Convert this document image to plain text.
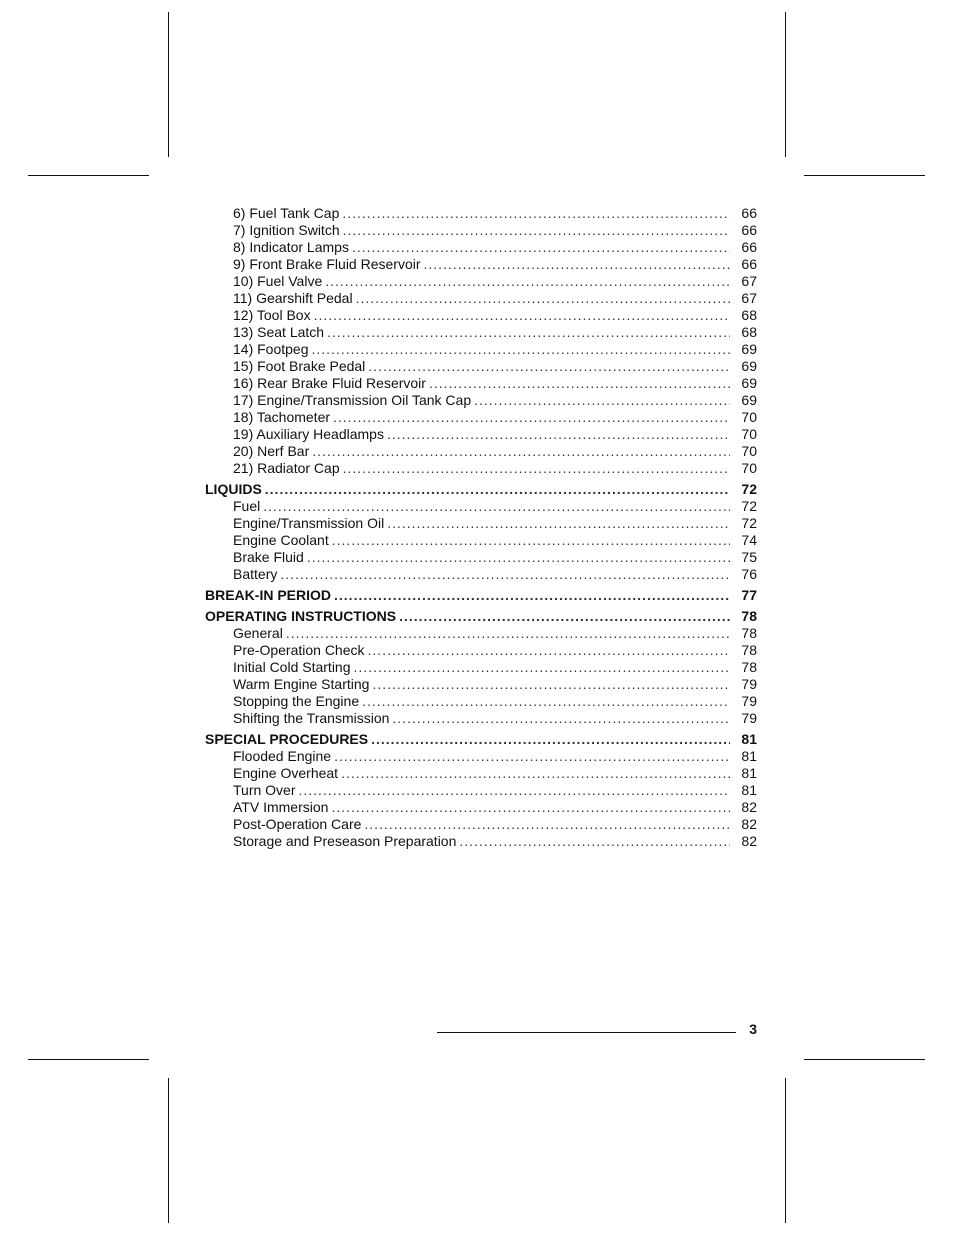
6) Fuel Tank Cap .....	66
7) Ignition Switch .....	66
8) Indicator Lamps .....	66
9) Front Brake Fluid Reservoir .....	66
10) Fuel Valve .....	67
11) Gearshift Pedal .....	67
12) Tool Box .....	68
13) Seat Latch .....	68
14) Footpeg .....	69
15) Foot Brake Pedal .....	69
16) Rear Brake Fluid Reservoir .....	69
17) Engine/Transmission Oil Tank Cap .....	69
18) Tachometer .....	70
19) Auxiliary Headlamps .....	70
20) Nerf Bar .....	70
21) Radiator Cap .....	70
LIQUIDS .....	72
Fuel .....	72
Engine/Transmission Oil .....	72
Engine Coolant .....	74
Brake Fluid .....	75
Battery .....	76
BREAK-IN PERIOD .....	77
OPERATING INSTRUCTIONS .....	78
General .....	78
Pre-Operation Check .....	78
Initial Cold Starting .....	78
Warm Engine Starting .....	79
Stopping the Engine .....	79
Shifting the Transmission .....	79
SPECIAL PROCEDURES .....	81
Flooded Engine .....	81
Engine Overheat .....	81
Turn Over .....	81
ATV Immersion .....	82
Post-Operation Care .....	82
Storage and Preseason Preparation .....	82
3
